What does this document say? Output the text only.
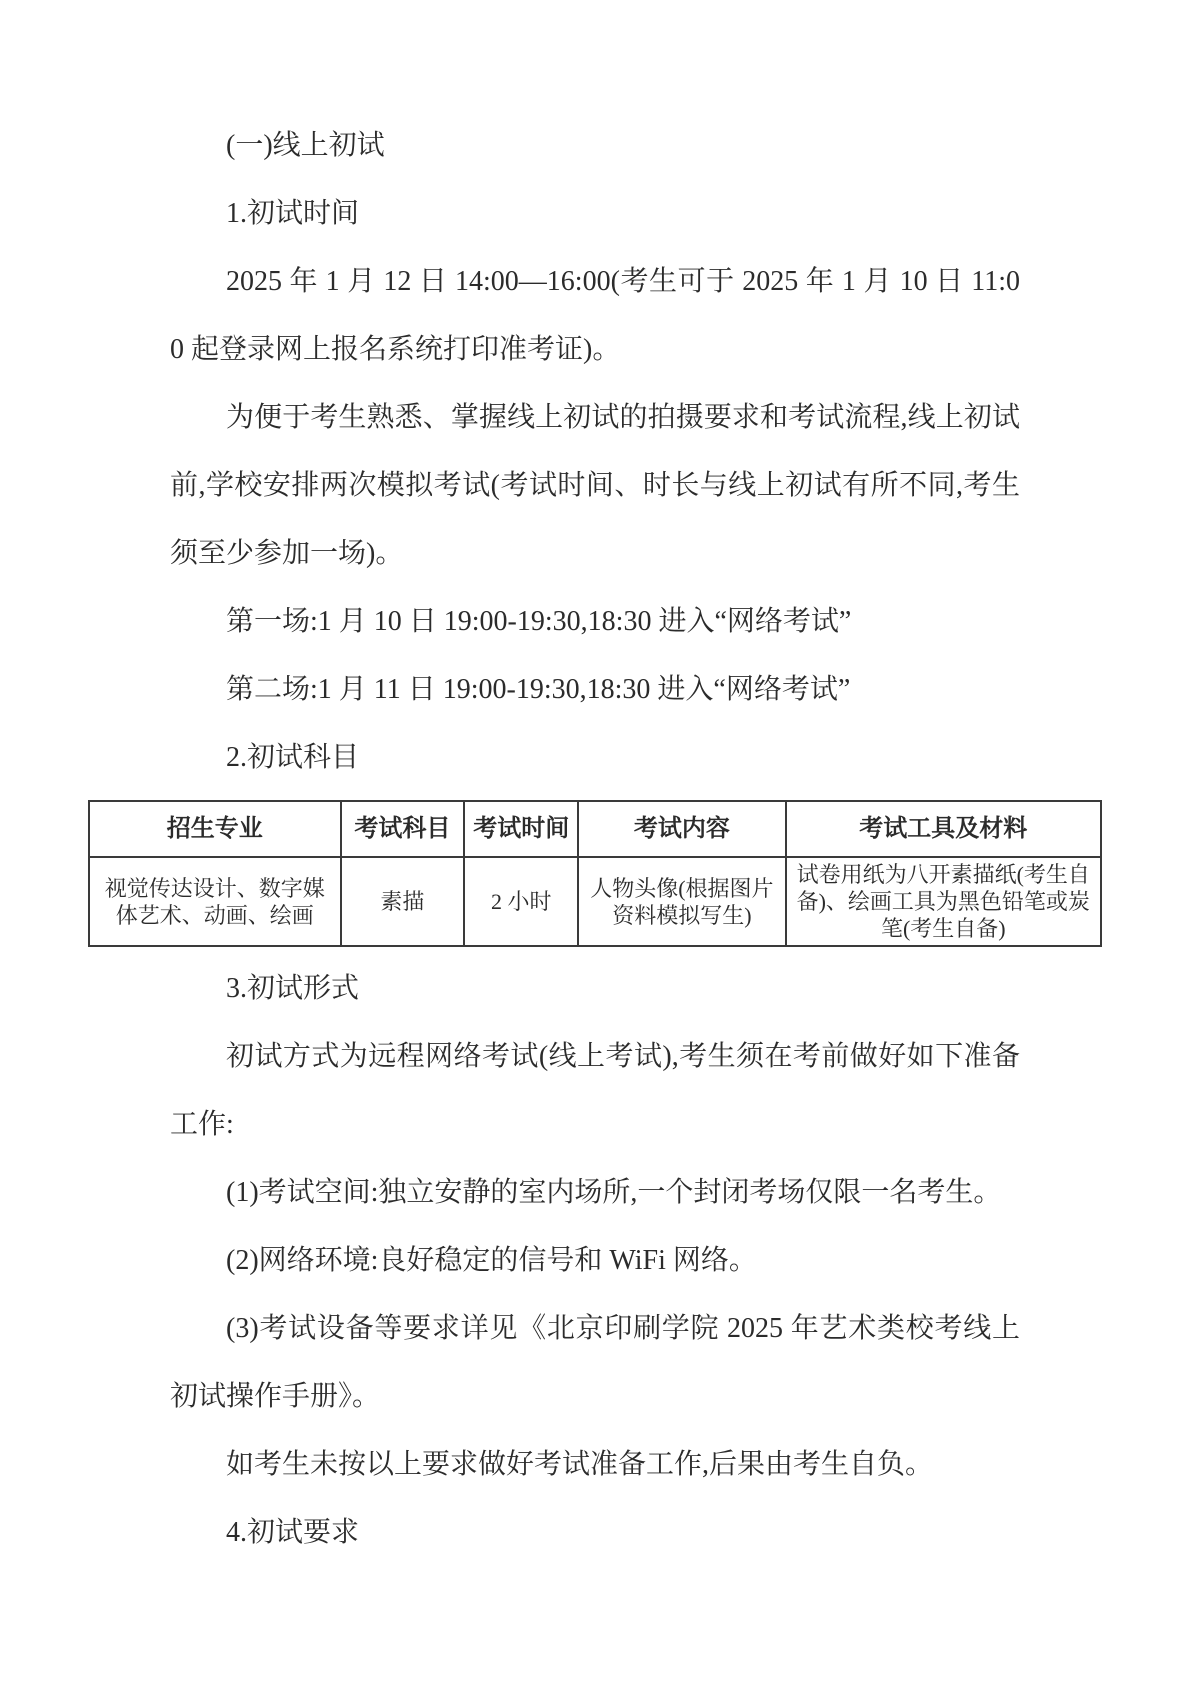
(一)线上初试

1.初试时间

2025 年 1 月 12 日 14:00—16:00(考生可于 2025 年 1 月 10 日 11:00 起登录网上报名系统打印准考证)。

为便于考生熟悉、掌握线上初试的拍摄要求和考试流程,线上初试前,学校安排两次模拟考试(考试时间、时长与线上初试有所不同,考生须至少参加一场)。

第一场:1 月 10 日 19:00-19:30,18:30 进入“网络考试”

第二场:1 月 11 日 19:00-19:30,18:30 进入“网络考试”

2.初试科目

招生专业	考试科目	考试时间	考试内容	考试工具及材料
视觉传达设计、数字媒体艺术、动画、绘画	素描	2 小时	人物头像(根据图片资料模拟写生)	试卷用纸为八开素描纸(考生自备)、绘画工具为黑色铅笔或炭笔(考生自备)

3.初试形式

初试方式为远程网络考试(线上考试),考生须在考前做好如下准备工作:

(1)考试空间:独立安静的室内场所,一个封闭考场仅限一名考生。

(2)网络环境:良好稳定的信号和 WiFi 网络。

(3)考试设备等要求详见《北京印刷学院 2025 年艺术类校考线上初试操作手册》。

如考生未按以上要求做好考试准备工作,后果由考生自负。

4.初试要求
